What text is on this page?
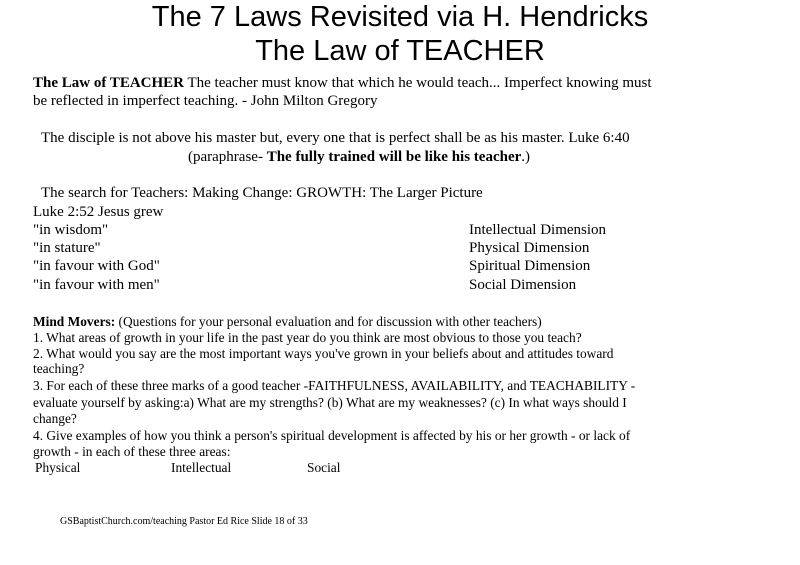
The 7 Laws Revisited via H. Hendricks
The Law of TEACHER
The Law of TEACHER The teacher must know that which he would teach... Imperfect knowing must
be reflected in imperfect teaching. - John Milton Gregory
The disciple is not above his master but, every one that is perfect shall be as his master. Luke 6:40
(paraphrase- The fully trained will be like his teacher.)
The search for Teachers: Making Change: GROWTH: The Larger Picture
Luke 2:52 Jesus grew
"in wisdom"	Intellectual Dimension
"in stature"	Physical Dimension
"in favour with God"	Spiritual Dimension
"in favour with men"	Social Dimension
Mind Movers: (Questions for your personal evaluation and for discussion with other teachers)
1. What areas of growth in your life in the past year do you think are most obvious to those you teach?
2. What would you say are the most important ways you've grown in your beliefs about and attitudes toward
teaching?
3. For each of these three marks of a good teacher -FAITHFULNESS, AVAILABILITY, and TEACHABILITY -
evaluate yourself by asking:a) What are my strengths? (b) What are my weaknesses? (c) In what ways should I
change?
4. Give examples of how you think a person's spiritual development is affected by his or her growth - or lack of
growth - in each of these three areas:
Physical	Intellectual	Social
GSBaptistChurch.com/teaching Pastor Ed Rice Slide 18 of 33
